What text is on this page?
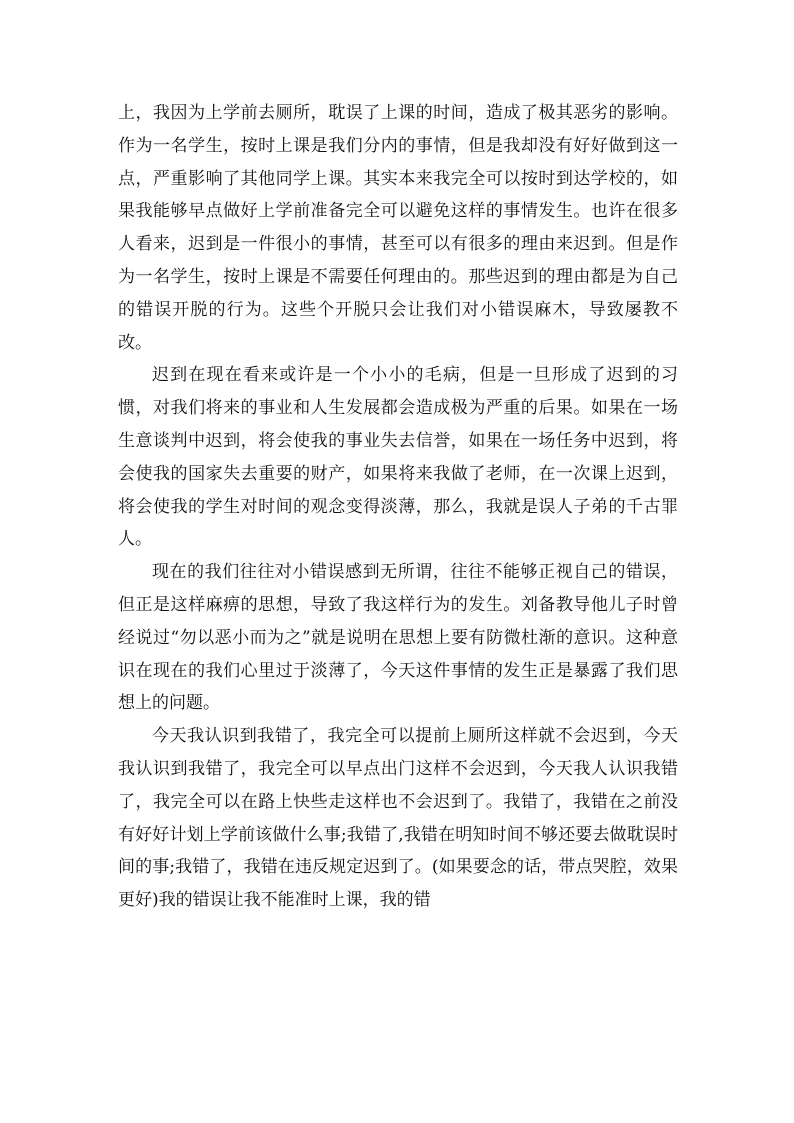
上，我因为上学前去厕所，耽误了上课的时间，造成了极其恶劣的影响。作为一名学生，按时上课是我们分内的事情，但是我却没有好好做到这一点，严重影响了其他同学上课。其实本来我完全可以按时到达学校的，如果我能够早点做好上学前准备完全可以避免这样的事情发生。也许在很多人看来，迟到是一件很小的事情，甚至可以有很多的理由来迟到。但是作为一名学生，按时上课是不需要任何理由的。那些迟到的理由都是为自己的错误开脱的行为。这些个开脱只会让我们对小错误麻木，导致屡教不改。

迟到在现在看来或许是一个小小的毛病，但是一旦形成了迟到的习惯，对我们将来的事业和人生发展都会造成极为严重的后果。如果在一场生意谈判中迟到，将会使我的事业失去信誉，如果在一场任务中迟到，将会使我的国家失去重要的财产，如果将来我做了老师，在一次课上迟到，将会使我的学生对时间的观念变得淡薄，那么，我就是误人子弟的千古罪人。

现在的我们往往对小错误感到无所谓，往往不能够正视自己的错误，但正是这样麻痹的思想，导致了我这样行为的发生。刘备教导他儿子时曾经说过“勿以恶小而为之”就是说明在思想上要有防微杜渐的意识。这种意识在现在的我们心里过于淡薄了，今天这件事情的发生正是暴露了我们思想上的问题。

今天我认识到我错了，我完全可以提前上厕所这样就不会迟到，今天我认识到我错了，我完全可以早点出门这样不会迟到，今天我人认识我错了，我完全可以在路上快些走这样也不会迟到了。我错了，我错在之前没有好好计划上学前该做什么事;我错了,我错在明知时间不够还要去做耽误时间的事;我错了，我错在违反规定迟到了。(如果要念的话，带点哭腔，效果更好)我的错误让我不能准时上课，我的错
